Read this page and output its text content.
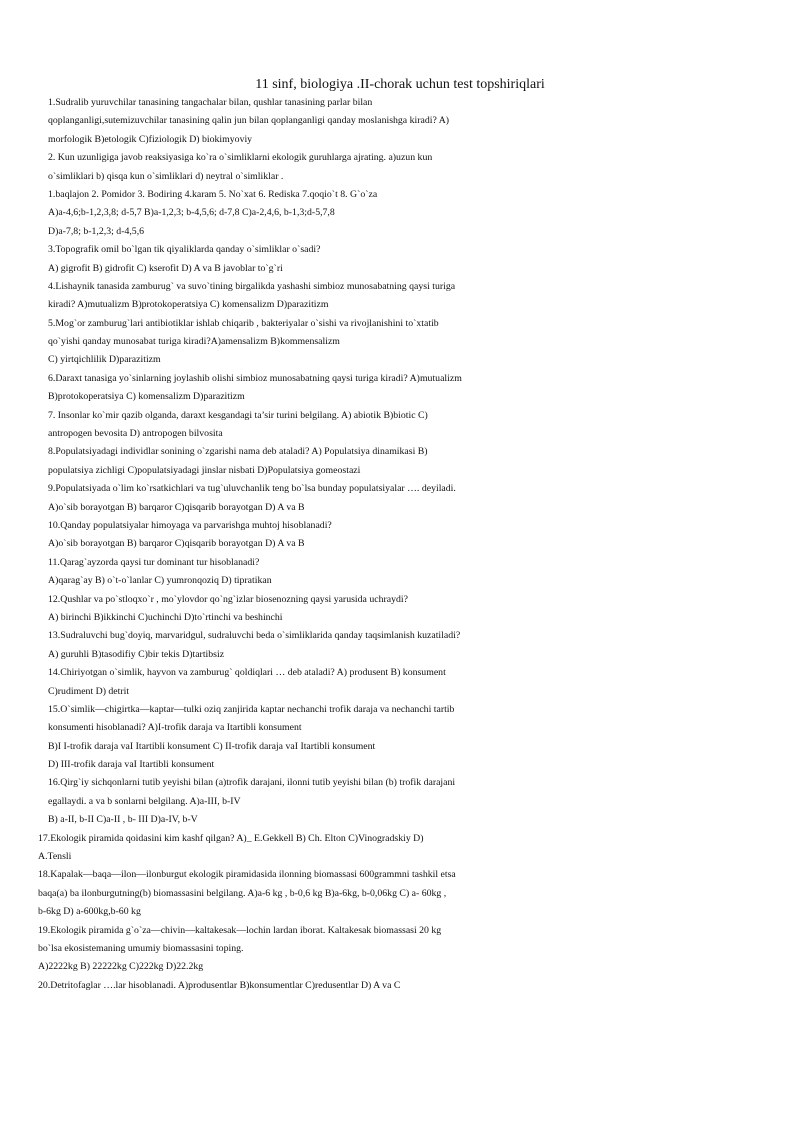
11 sinf, biologiya .II-chorak uchun test topshiriqlari
1.Sudralib yuruvchilar tanasining tangachalar bilan, qushlar tanasining parlar bilan
qoplanganligi,sutemizuvchilar tanasining qalin jun bilan qoplanganligi qanday moslanishga kiradi? A)
morfologik B)etologik C)fiziologik D) biokimyoviy
2. Kun uzunligiga javob reaksiyasiga ko`ra o`simliklarni ekologik guruhlarga ajrating. a)uzun kun
o`simliklari b) qisqa kun o`simliklari d) neytral o`simliklar .
1.baqlajon 2. Pomidor 3. Bodiring 4.karam 5. No`xat 6. Rediska 7.qoqio`t 8. G`o`za
A)a-4,6;b-1,2,3,8; d-5,7 B)a-1,2,3; b-4,5,6; d-7,8 C)a-2,4,6, b-1,3;d-5,7,8
D)a-7,8; b-1,2,3; d-4,5,6
3.Topografik omil bo`lgan tik qiyaliklarda qanday o`simliklar o`sadi?
A) gigrofit B) gidrofit C) kserofit D) A va B javoblar to`g`ri
4.Lishaynik tanasida zamburug` va suvo`tining birgalikda yashashi simbioz munosabatning qaysi turiga
kiradi? A)mutualizm B)protokoperatsiya C) komensalizm D)parazitizm
5.Mog`or zamburug`lari antibiotiklar ishlab chiqarib , bakteriyalar o`sishi va rivojlanishini to`xtatib
qo`yishi qanday munosabat turiga kiradi?A)amensalizm B)kommensalizm
C) yirtqichlilik D)parazitizm
6.Daraxt tanasiga yo`sinlarning joylashib olishi simbioz munosabatning qaysi turiga kiradi? A)mutualizm
B)protokoperatsiya C) komensalizm D)parazitizm
7. Insonlar ko`mir qazib olganda, daraxt kesgandagi ta’sir turini belgilang. A) abiotik B)biotic C)
antropogen bevosita D) antropogen bilvosita
8.Populatsiyadagi individlar sonining o`zgarishi nama deb ataladi? A) Populatsiya dinamikasi B)
populatsiya zichligi C)populatsiyadagi jinslar nisbati D)Populatsiya gomeostazi
9.Populatsiyada o`lim ko`rsatkichlari va tug`uluvchanlik teng bo`lsa bunday populatsiyalar …. deyiladi.
A)o`sib borayotgan B) barqaror C)qisqarib borayotgan D) A va B
10.Qanday populatsiyalar himoyaga va parvarishga muhtoj hisoblanadi?
A)o`sib borayotgan B) barqaror C)qisqarib borayotgan D) A va B
11.Qarag`ayzorda qaysi tur dominant tur hisoblanadi?
A)qarag`ay B) o`t-o`lanlar C) yumronqoziq D) tipratikan
12.Qushlar va po`stloqxo`r , mo`ylovdor qo`ng`izlar biosenozning qaysi yarusida uchraydi?
A) birinchi B)ikkinchi C)uchinchi D)to`rtinchi va beshinchi
13.Sudraluvchi bug`doyiq, marvaridgul, sudraluvchi beda o`simliklarida qanday taqsimlanish kuzatiladi?
A) guruhli B)tasodifiy C)bir tekis D)tartibsiz
14.Chiriyotgan o`simlik, hayvon va zamburug` qoldiqlari … deb ataladi? A) produsent B) konsument
C)rudiment D) detrit
15.O`simlik—chigirtka—kaptar—tulki oziq zanjirida kaptar nechanchi trofik daraja va nechanchi tartib
konsumenti hisoblanadi? A)I-trofik daraja va Itartibli konsument
B)I I-trofik daraja vaI Itartibli konsument C) II-trofik daraja vaI Itartibli konsument
D) III-trofik daraja vaI Itartibli konsument
16.Qirg`iy sichqonlarni tutib yeyishi bilan (a)trofik darajani, ilonni tutib yeyishi bilan (b) trofik darajani
egallaydi. a va b sonlarni belgilang. A)a-III, b-IV
B) a-II, b-II C)a-II , b- III D)a-IV, b-V
17.Ekologik piramida qoidasini kim kashf qilgan? A)_ E.Gekkell B) Ch. Elton C)Vinogradskiy D)
A.Tensli
18.Kapalak—baqa—ilon—ilonburgut ekologik piramidasida ilonning biomassasi 600grammni tashkil etsa
baqa(a) ba ilonburgutning(b) biomassasini belgilang. A)a-6 kg , b-0,6 kg B)a-6kg, b-0,06kg C) a- 60kg ,
b-6kg D) a-600kg,b-60 kg
19.Ekologik piramida g`o`za—chivin—kaltakesak—lochin lardan iborat. Kaltakesak biomassasi 20 kg
bo`lsa ekosistemaning umumiy biomassasini toping.
A)2222kg B) 22222kg C)222kg D)22.2kg
20.Detritofaglar ….lar hisoblanadi. A)produsentlar B)konsumentlar C)redusentlar D) A va C
